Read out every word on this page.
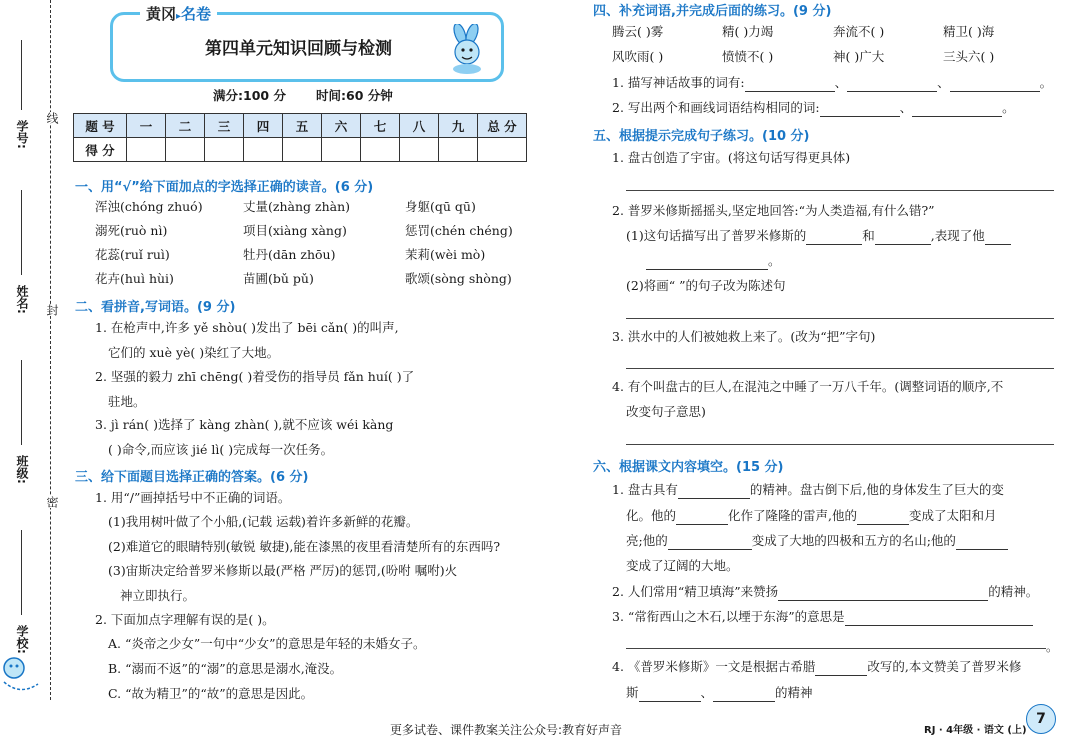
学号:
姓名:
班级:
学校:
线
封
密
黄冈▸名卷
第四单元知识回顾与检测
满分:100 分 时间:60 分钟
题 号	一	二	三	四	五	六	七	八	九	总 分
得 分										
一、用“√”给下面加点的字选择正确的读音。(6 分)
浑浊(chóng zhuó)	丈量(zhàng zhàn)	身躯(qū qū)
溺死(ruò nì)	项目(xiàng xàng)	惩罚(chén chéng)
花蕊(ruǐ ruì)	牡丹(dān zhōu)	茉莉(wèi mò)
花卉(huì hùi)	苗圃(bǔ pǔ)	歌颂(sòng shòng)
二、看拼音,写词语。(9 分)
1. 在枪声中,许多 yě shòu( )发出了 bēi cǎn( )的叫声,
它们的 xuè yè( )染红了大地。
2. 坚强的毅力 zhī chēng( )着受伤的指导员 fǎn huí( )了
驻地。
3. jì rán( )选择了 kàng zhàn( ),就不应该 wéi kàng
( )命令,而应该 jié lì( )完成每一次任务。
三、给下面题目选择正确的答案。(6 分)
1. 用“/”画掉括号中不正确的词语。
(1)我用树叶做了个小船,(记载 运载)着许多新鲜的花瓣。
(2)难道它的眼睛特别(敏锐 敏捷),能在漆黑的夜里看清楚所有的东西吗?
(3)宙斯决定给普罗米修斯以最(严格 严厉)的惩罚,(吩咐 嘱咐)火
神立即执行。
2. 下面加点字理解有误的是( )。
A. “炎帝之少女”一句中“少女”的意思是年轻的未婚女子。
B. “溺而不返”的“溺”的意思是溺水,淹没。
C. “故为精卫”的“故”的意思是因此。
四、补充词语,并完成后面的练习。(9 分)
腾云( )雾	精( )力竭	奔流不( )	精卫( )海
风吹雨( )	愤愤不( )	神( )广大	三头六( )
1. 描写神话故事的词有:	、	、	。
2. 写出两个和画线词语结构相同的词:	、	。
五、根据提示完成句子练习。(10 分)
1. 盘古创造了宇宙。(将这句话写得更具体)
2. 普罗米修斯摇摇头,坚定地回答:“为人类造福,有什么错?”
(1)这句话描写出了普罗米修斯的	和	,表现了他
。
(2)将画“ ”的句子改为陈述句
3. 洪水中的人们被她救上来了。(改为“把”字句)
4. 有个叫盘古的巨人,在混沌之中睡了一万八千年。(调整词语的顺序,不
改变句子意思)
六、根据课文内容填空。(15 分)
1. 盘古具有	的精神。盘古倒下后,他的身体发生了巨大的变
化。他的	化作了隆隆的雷声,他的	变成了太阳和月
亮;他的	变成了大地的四极和五方的名山;他的
变成了辽阔的大地。
2. 人们常用“精卫填海”来赞扬	的精神。
3. “常衔西山之木石,以堙于东海”的意思是
。
4. 《普罗米修斯》一文是根据古希腊	改写的,本文赞美了普罗米修
斯	、	的精神
更多试卷、课件教案关注公众号:教育好声音	RJ · 4年级 · 语文 (上)
7
